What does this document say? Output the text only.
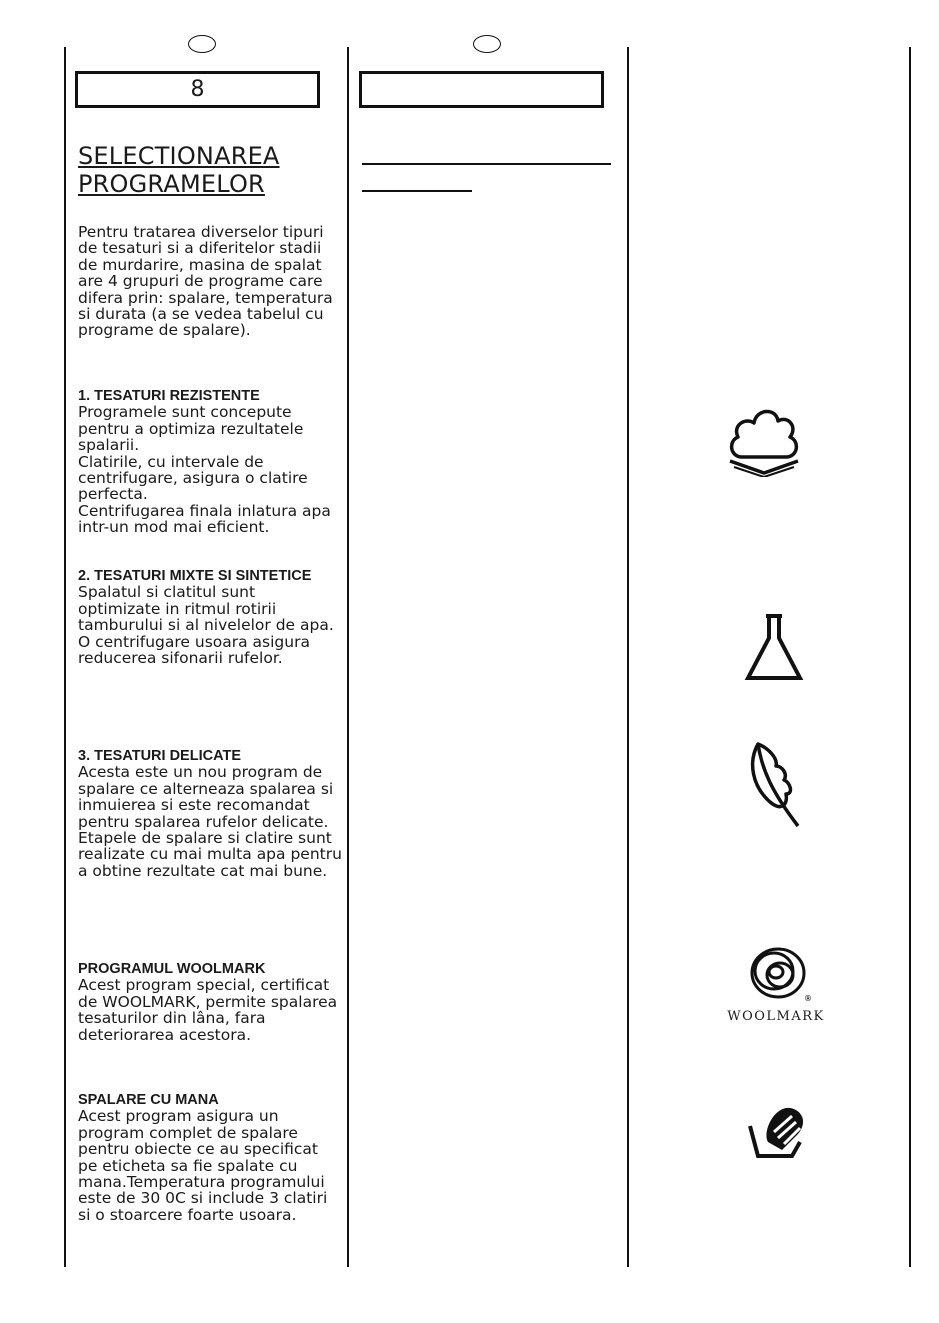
8
SELECTIONAREA
PROGRAMELOR

Pentru tratarea diverselor tipuri de tesaturi si a diferitelor stadii de murdarire, masina de spalat are 4 grupuri de programe care difera prin: spalare, temperatura si durata (a se vedea tabelul cu programe de spalare).

1. TESATURI REZISTENTE

Programele sunt concepute pentru a optimiza rezultatele spalarii.

Clatirile, cu intervale de centrifugare, asigura o clatire perfecta.

Centrifugarea finala inlatura apa intr-un mod mai eficient.

2. TESATURI MIXTE SI SINTETICE

Spalatul si clatitul sunt optimizate in ritmul rotirii tamburului si al nivelelor de apa. O centrifugare usoara asigura reducerea sifonarii rufelor.

3. TESATURI DELICATE

Acesta este un nou program de spalare ce alterneaza spalarea si inmuierea si este recomandat pentru spalarea rufelor delicate.

Etapele de spalare si clatire sunt realizate cu mai multa apa pentru a obtine rezultate cat mai bune.

PROGRAMUL WOOLMARK

Acest program special, certificat de WOOLMARK, permite spalarea tesaturilor din lâna, fara deteriorarea acestora.

SPALARE CU MANA

Acest program asigura un program complet de spalare pentru obiecte ce au specificat pe eticheta sa fie spalate cu mana.Temperatura programului este de 30 0C si include 3 clatiri si o stoarcere foarte usoara.

®
WOOLMARK
